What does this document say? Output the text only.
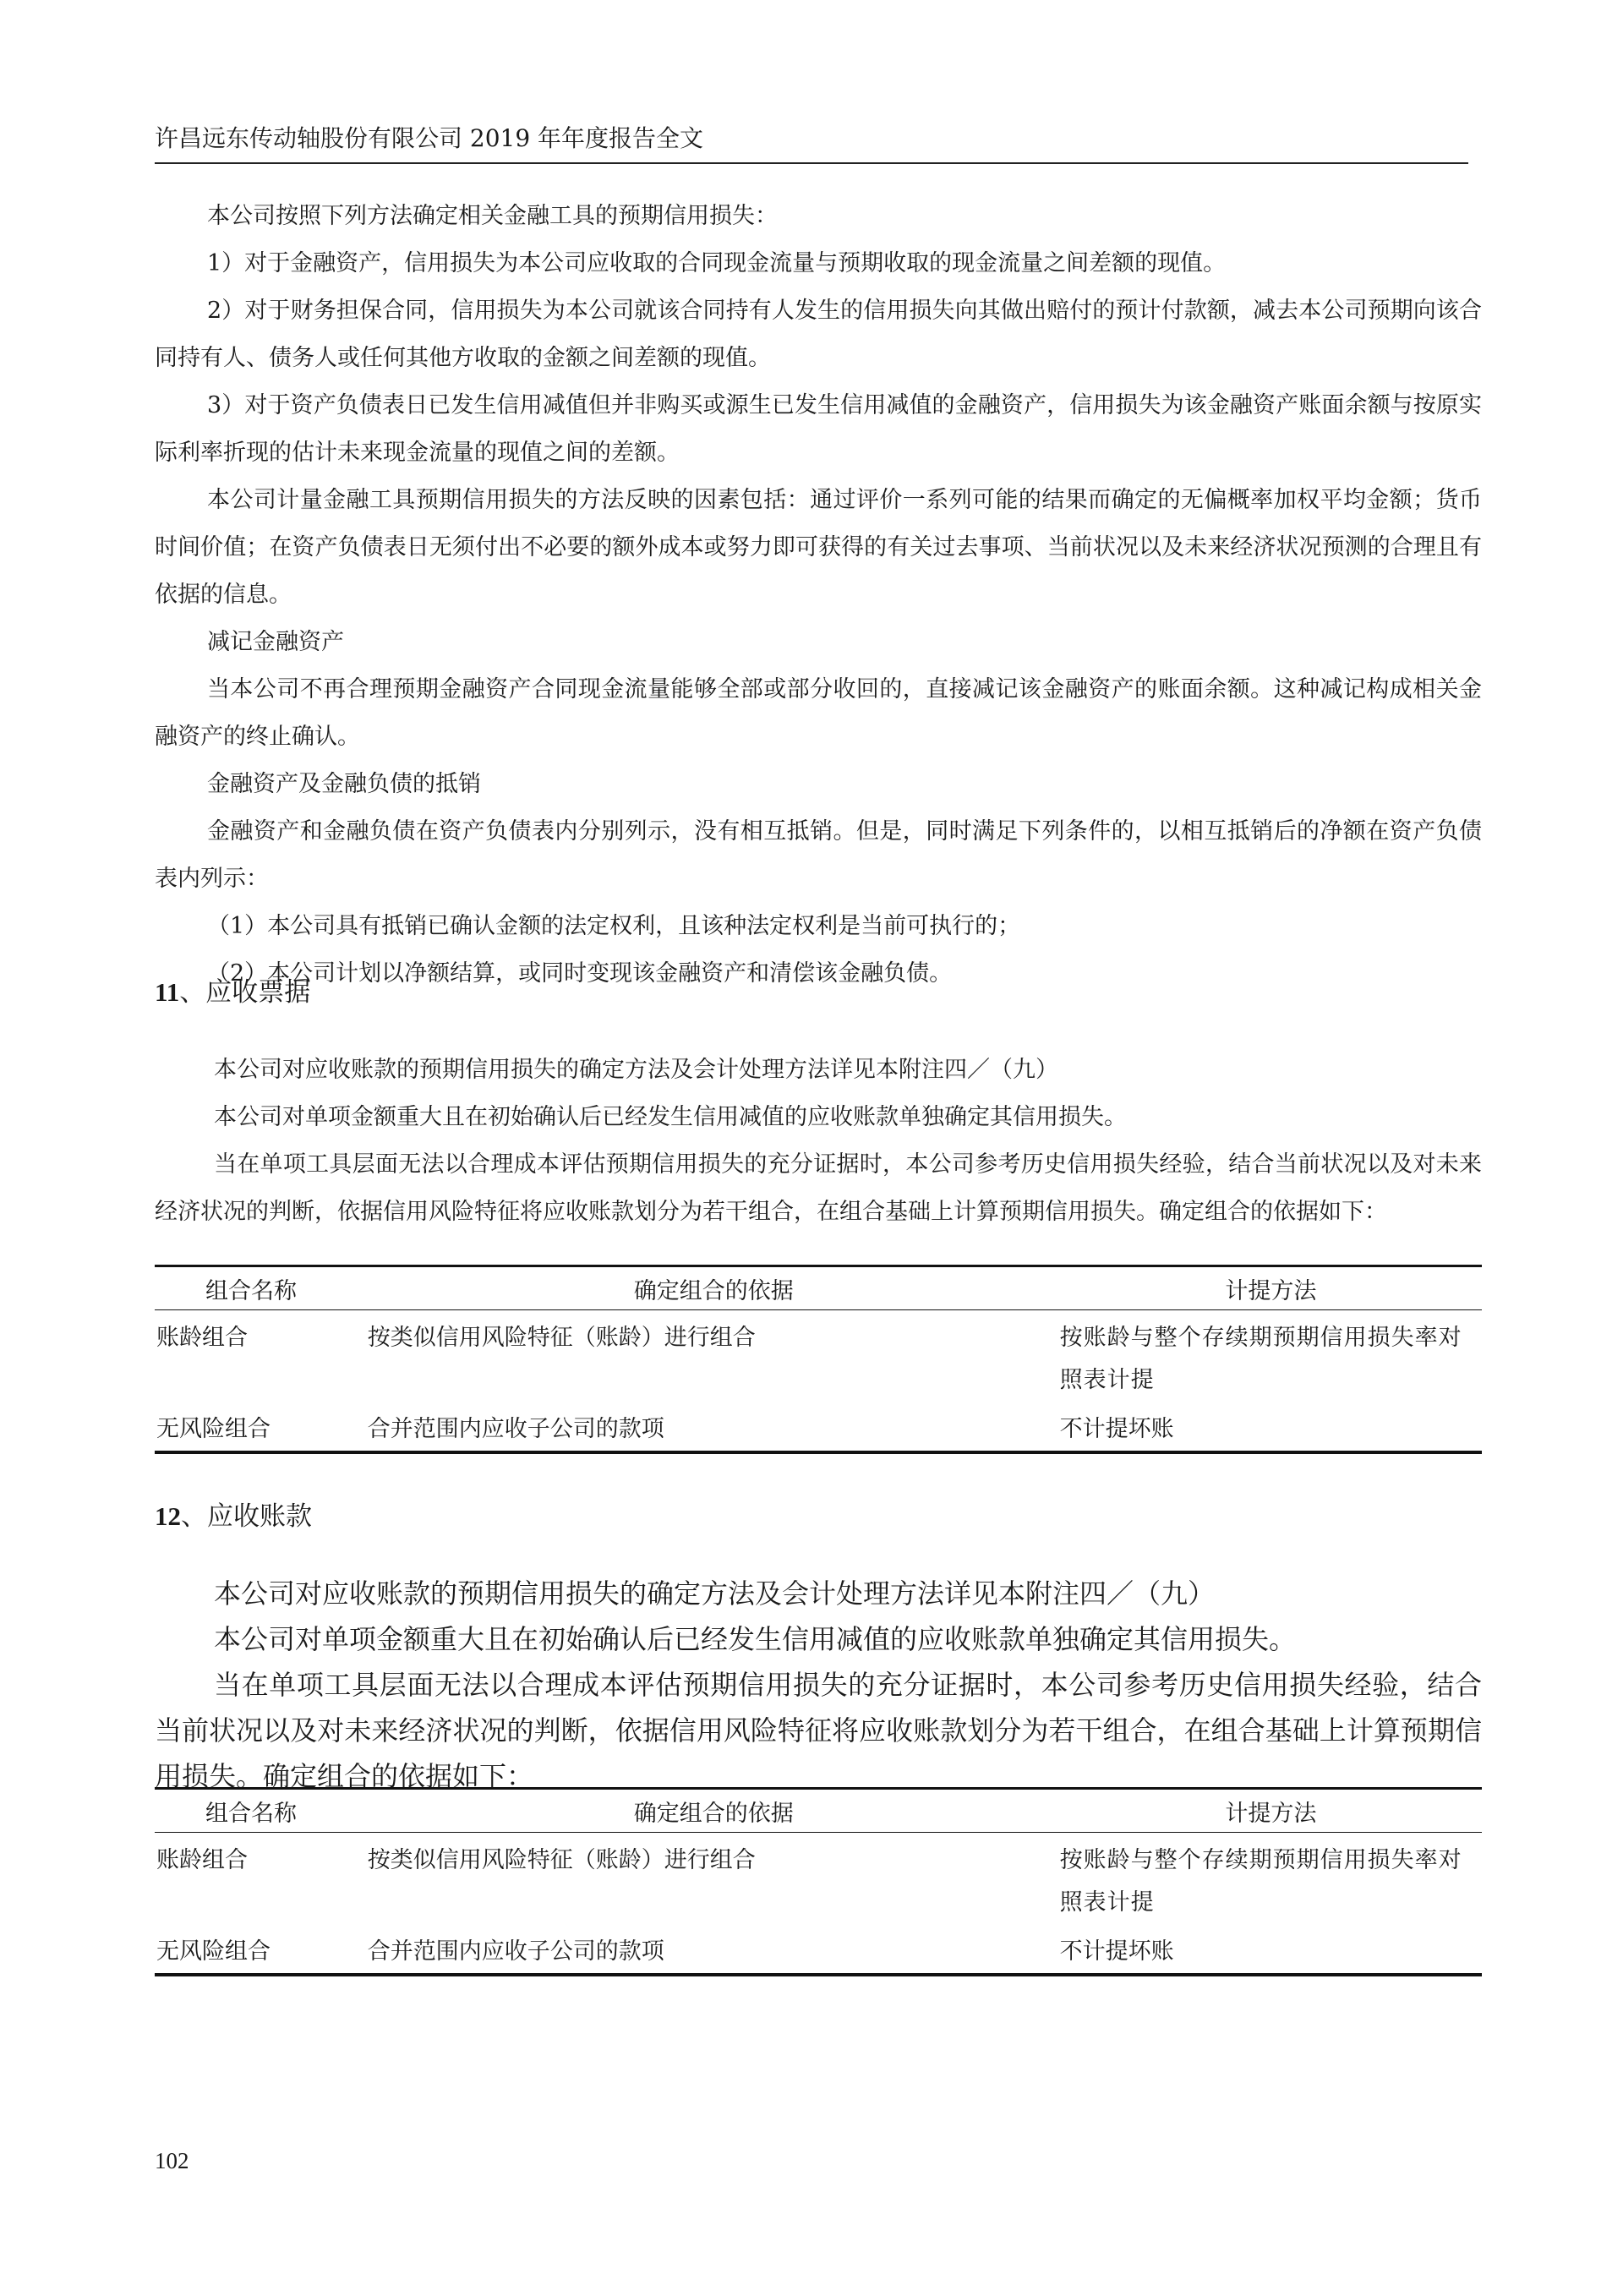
许昌远东传动轴股份有限公司 2019 年年度报告全文

本公司按照下列方法确定相关金融工具的预期信用损失：

1）对于金融资产，信用损失为本公司应收取的合同现金流量与预期收取的现金流量之间差额的现值。

2）对于财务担保合同，信用损失为本公司就该合同持有人发生的信用损失向其做出赔付的预计付款额，减去本公司预期向该合同持有人、债务人或任何其他方收取的金额之间差额的现值。

3）对于资产负债表日已发生信用减值但并非购买或源生已发生信用减值的金融资产，信用损失为该金融资产账面余额与按原实际利率折现的估计未来现金流量的现值之间的差额。

本公司计量金融工具预期信用损失的方法反映的因素包括：通过评价一系列可能的结果而确定的无偏概率加权平均金额；货币时间价值；在资产负债表日无须付出不必要的额外成本或努力即可获得的有关过去事项、当前状况以及未来经济状况预测的合理且有依据的信息。

减记金融资产

当本公司不再合理预期金融资产合同现金流量能够全部或部分收回的，直接减记该金融资产的账面余额。这种减记构成相关金融资产的终止确认。

金融资产及金融负债的抵销

金融资产和金融负债在资产负债表内分别列示，没有相互抵销。但是，同时满足下列条件的，以相互抵销后的净额在资产负债表内列示：

（1）本公司具有抵销已确认金额的法定权利，且该种法定权利是当前可执行的；

（2）本公司计划以净额结算，或同时变现该金融资产和清偿该金融负债。

11、应收票据

本公司对应收账款的预期信用损失的确定方法及会计处理方法详见本附注四／（九）

本公司对单项金额重大且在初始确认后已经发生信用减值的应收账款单独确定其信用损失。

当在单项工具层面无法以合理成本评估预期信用损失的充分证据时，本公司参考历史信用损失经验，结合当前状况以及对未来经济状况的判断，依据信用风险特征将应收账款划分为若干组合，在组合基础上计算预期信用损失。确定组合的依据如下：

组合名称	确定组合的依据	计提方法
账龄组合	按类似信用风险特征（账龄）进行组合	按账龄与整个存续期预期信用损失率对照表计提
无风险组合	合并范围内应收子公司的款项	不计提坏账
12、应收账款

本公司对应收账款的预期信用损失的确定方法及会计处理方法详见本附注四／（九）

本公司对单项金额重大且在初始确认后已经发生信用减值的应收账款单独确定其信用损失。

当在单项工具层面无法以合理成本评估预期信用损失的充分证据时，本公司参考历史信用损失经验，结合当前状况以及对未来经济状况的判断，依据信用风险特征将应收账款划分为若干组合，在组合基础上计算预期信用损失。确定组合的依据如下：

组合名称	确定组合的依据	计提方法
账龄组合	按类似信用风险特征（账龄）进行组合	按账龄与整个存续期预期信用损失率对照表计提
无风险组合	合并范围内应收子公司的款项	不计提坏账
102
